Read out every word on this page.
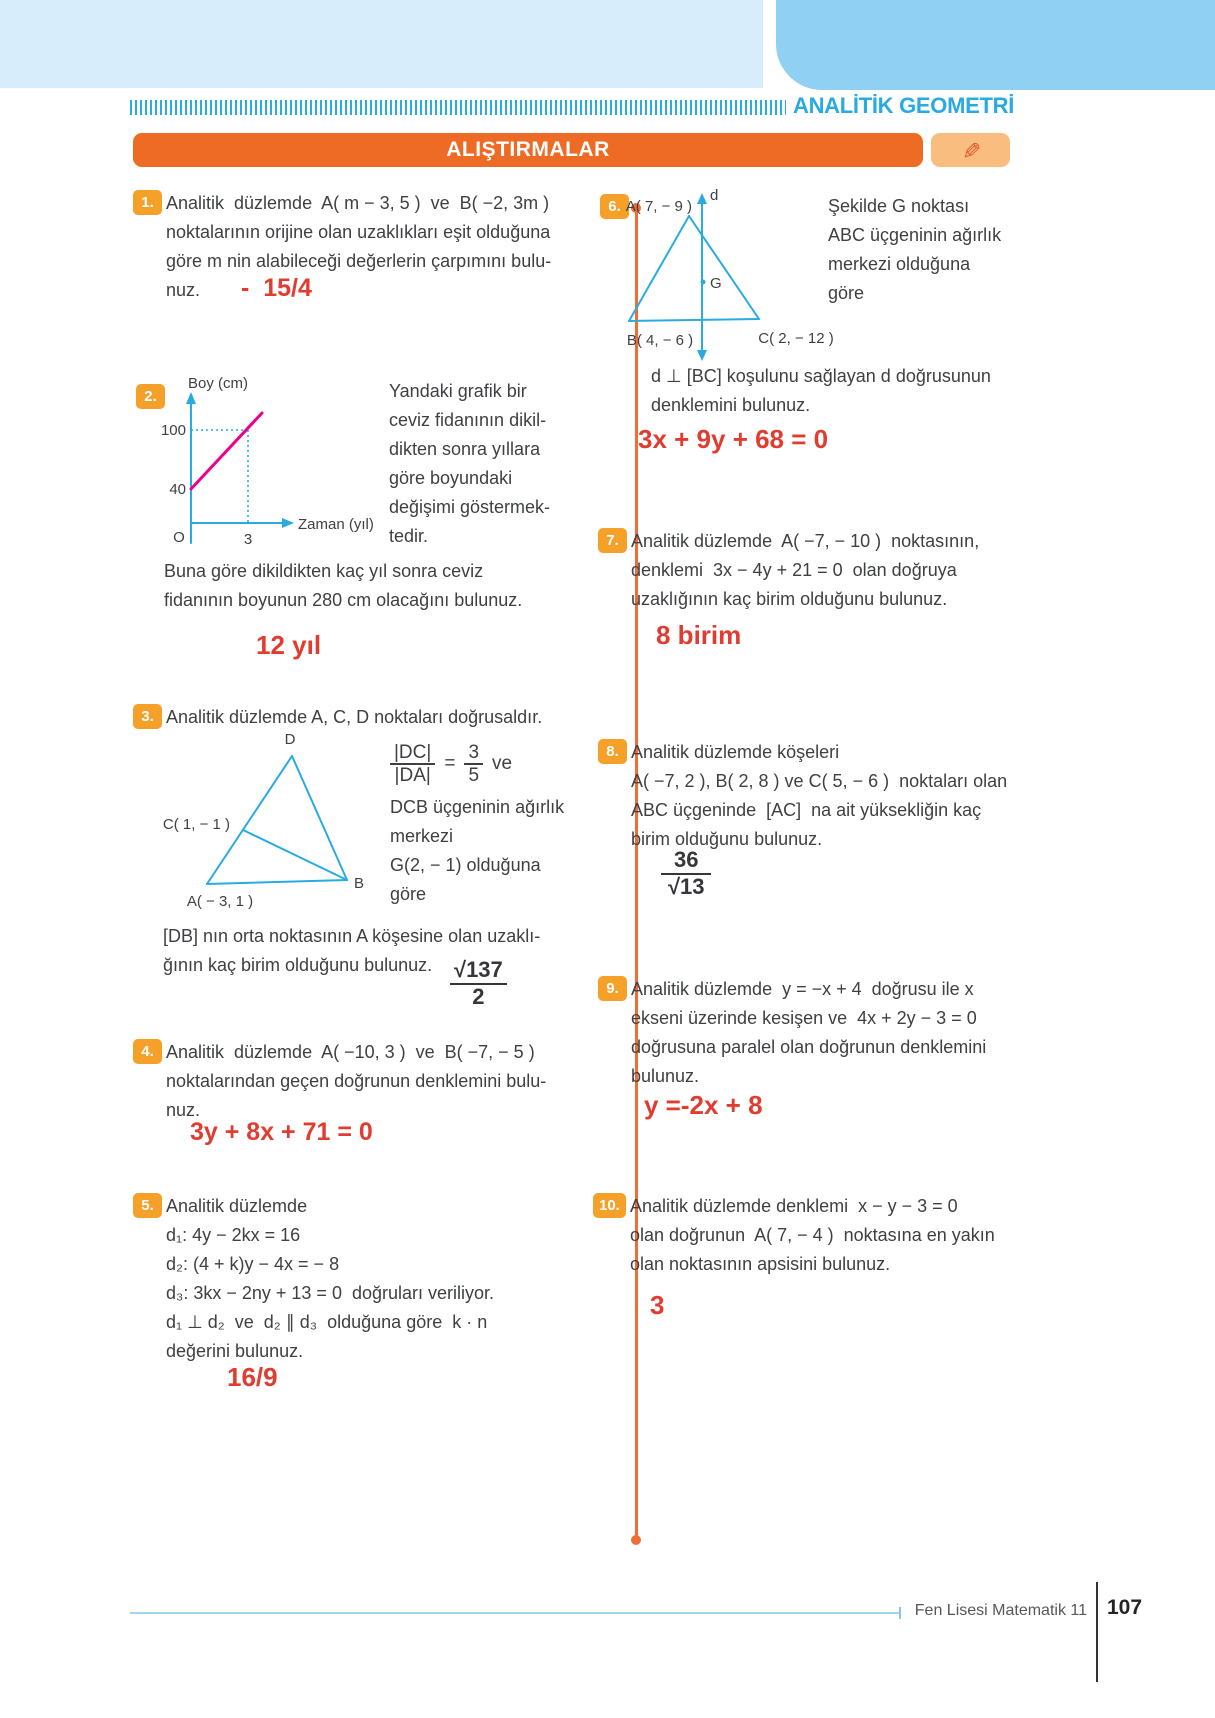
ANALİTİK GEOMETRİ
ALIŞTIRMALAR	✎
1. Analitik  düzlemde  A( m − 3, 5 )  ve  B( −2, 3m )
noktalarının orijine olan uzaklıkları eşit olduğuna
göre m nin alabileceği değerlerin çarpımını bulu-
nuz.	-  15/4
2.
Boy (cm)
Zaman (yıl)
100
40
3
O
Yandaki grafik bir
ceviz fidanının dikil-
dikten sonra yıllara
göre boyundaki
değişimi göstermek-
tedir.
Buna göre dikildikten kaç yıl sonra ceviz
fidanının boyunun 280 cm olacağını bulunuz.
12 yıl
3. Analitik düzlemde A, C, D noktaları doğrusaldır.
D
C( 1, − 1 )
A( − 3, 1 )
B
$\frac{|DC|}{|DA|} = \frac{3}{5}$ ve
DCB üçgeninin ağırlık
merkezi
G(2, − 1) olduğuna
göre
[DB] nın orta noktasının A köşesine olan uzaklı-
ğının kaç birim olduğunu bulunuz. $\frac{√137}{2}$
4. Analitik  düzlemde  A( −10, 3 )  ve  B( −7, − 5 )
noktalarından geçen doğrunun denklemini bulu-
nuz.
3y + 8x + 71 = 0
5. Analitik düzlemde
d₁: 4y − 2kx = 16
d₂: (4 + k)y − 4x = − 8
d₃: 3kx − 2ny + 13 = 0  doğruları veriliyor.
d₁ ⊥ d₂  ve  d₂ ∥ d₃  olduğuna göre  k · n
değerini bulunuz.
16/9
6.
d
A( 7, − 9 )
B( 4, − 6 )	C( 2, − 12 )
G
Şekilde G noktası
ABC üçgeninin ağırlık
merkezi olduğuna
göre
d ⊥ [BC] koşulunu sağlayan d doğrusunun
denklemini bulunuz.
3x + 9y + 68 = 0
7. Analitik düzlemde  A( −7, − 10 )  noktasının,
denklemi  3x − 4y + 21 = 0  olan doğruya
uzaklığının kaç birim olduğunu bulunuz.
8 birim
8. Analitik düzlemde köşeleri
A( −7, 2 ), B( 2, 8 ) ve C( 5, − 6 )  noktaları olan
ABC üçgeninde  [AC]  na ait yüksekliğin kaç
birim olduğunu bulunuz.
$\frac{36}{√13}$
9. Analitik düzlemde  y = −x + 4  doğrusu ile x
ekseni üzerinde kesişen ve  4x + 2y − 3 = 0
doğrusuna paralel olan doğrunun denklemini
bulunuz.
y =-2x + 8
10. Analitik düzlemde denklemi  x − y − 3 = 0
olan doğrunun  A( 7, − 4 )  noktasına en yakın
olan noktasının apsisini bulunuz.
3
Fen Lisesi Matematik 11 107
